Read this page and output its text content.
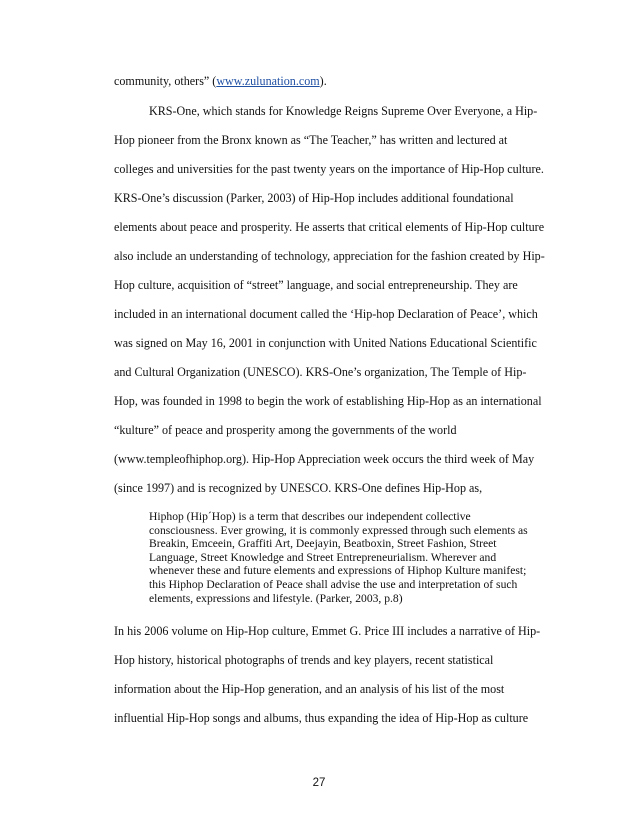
community, others” (www.zulunation.com).
KRS-One, which stands for Knowledge Reigns Supreme Over Everyone, a Hip-
Hop pioneer from the Bronx known as “The Teacher,” has written and lectured at
colleges and universities for the past twenty years on the importance of Hip-Hop culture.
KRS-One’s discussion (Parker, 2003) of Hip-Hop includes additional foundational
elements about peace and prosperity. He asserts that critical elements of Hip-Hop culture
also include an understanding of technology, appreciation for the fashion created by Hip-
Hop culture, acquisition of “street” language, and social entrepreneurship. They are
included in an international document called the ‘Hip-hop Declaration of Peace’, which
was signed on May 16, 2001 in conjunction with United Nations Educational Scientific
and Cultural Organization (UNESCO). KRS-One’s organization, The Temple of Hip-
Hop, was founded in 1998 to begin the work of establishing Hip-Hop as an international
“kulture” of peace and prosperity among the governments of the world
(www.templeofhiphop.org). Hip-Hop Appreciation week occurs the third week of May
(since 1997) and is recognized by UNESCO. KRS-One defines Hip-Hop as,
Hiphop (Hip´Hop) is a term that describes our independent collective
consciousness. Ever growing, it is commonly expressed through such elements as
Breakin, Emceein, Graffiti Art, Deejayin, Beatboxin, Street Fashion, Street
Language, Street Knowledge and Street Entrepreneurialism. Wherever and
whenever these and future elements and expressions of Hiphop Kulture manifest;
this Hiphop Declaration of Peace shall advise the use and interpretation of such
elements, expressions and lifestyle. (Parker, 2003, p.8)
In his 2006 volume on Hip-Hop culture, Emmet G. Price III includes a narrative of Hip-
Hop history, historical photographs of trends and key players, recent statistical
information about the Hip-Hop generation, and an analysis of his list of the most
influential Hip-Hop songs and albums, thus expanding the idea of Hip-Hop as culture
27
